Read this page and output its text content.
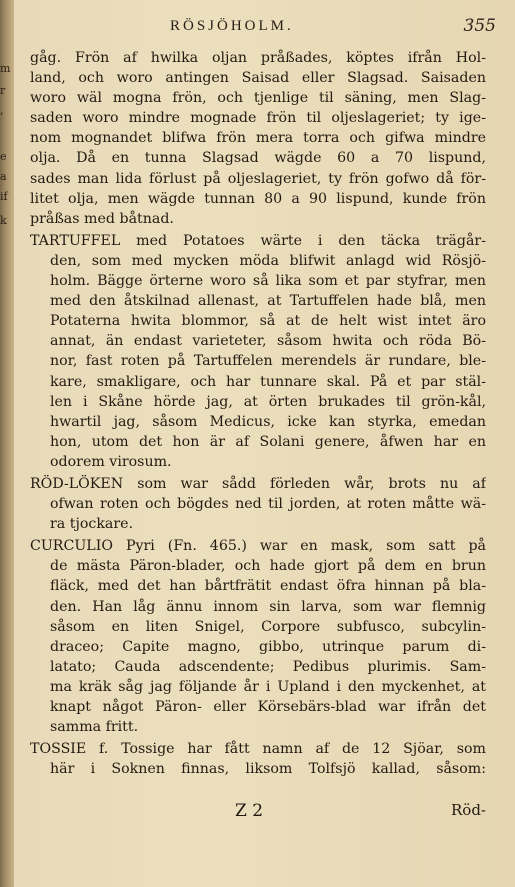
m
r
,
e
a
if
k
RÖSJÖHOLM.	355
gåg. Frön af hwilka oljan pråßades, köptes ifrån Hol-
land, och woro antingen Saisad eller Slagsad. Saisaden
woro wäl mogna frön, och tjenlige til säning, men Slag-
saden woro mindre mognade frön til oljeslageriet; ty ige-
nom mognandet blifwa frön mera torra och gifwa mindre
olja. Då en tunna Slagsad wägde 60 a 70 lispund,
sades man lida förlust på oljeslageriet, ty frön gofwo då för-
litet olja, men wägde tunnan 80 a 90 lispund, kunde frön
pråßas med båtnad.
TARTUFFEL med Potatoes wärte i den täcka trägår-
den, som med mycken möda blifwit anlagd wid Rösjö-
holm. Bägge örterne woro så lika som et par styfrar, men
med den åtskilnad allenast, at Tartuffelen hade blå, men
Potaterna hwita blommor, så at de helt wist intet äro
annat, än endast varieteter, såsom hwita och röda Bö-
nor, fast roten på Tartuffelen merendels är rundare, ble-
kare, smakligare, och har tunnare skal. På et par stäl-
len i Skåne hörde jag, at örten brukades til grön-kål,
hwartil jag, såsom Medicus, icke kan styrka, emedan
hon, utom det hon är af Solani genere, åfwen har en
odorem virosum.
RÖD-LÖKEN som war sådd förleden wår, brots nu af
ofwan roten och bögdes ned til jorden, at roten måtte wä-
ra tjockare.
CURCULIO Pyri (Fn. 465.) war en mask, som satt på
de mästa Päron-blader, och hade gjort på dem en brun
fläck, med det han bårtfrätit endast öfra hinnan på bla-
den. Han låg ännu innom sin larva, som war flemnig
såsom en liten Snigel, Corpore subfusco, subcylin-
draceo; Capite magno, gibbo, utrinque parum di-
latato; Cauda adscendente; Pedibus plurimis. Sam-
ma kräk såg jag följande år i Upland i den myckenhet, at
knapt något Päron- eller Körsebärs-blad war ifrån det
samma fritt.
TOSSIE f. Tossige har fått namn af de 12 Sjöar, som
här i Soknen finnas, liksom Tolfsjö kallad, såsom:
Z 2	Röd-
